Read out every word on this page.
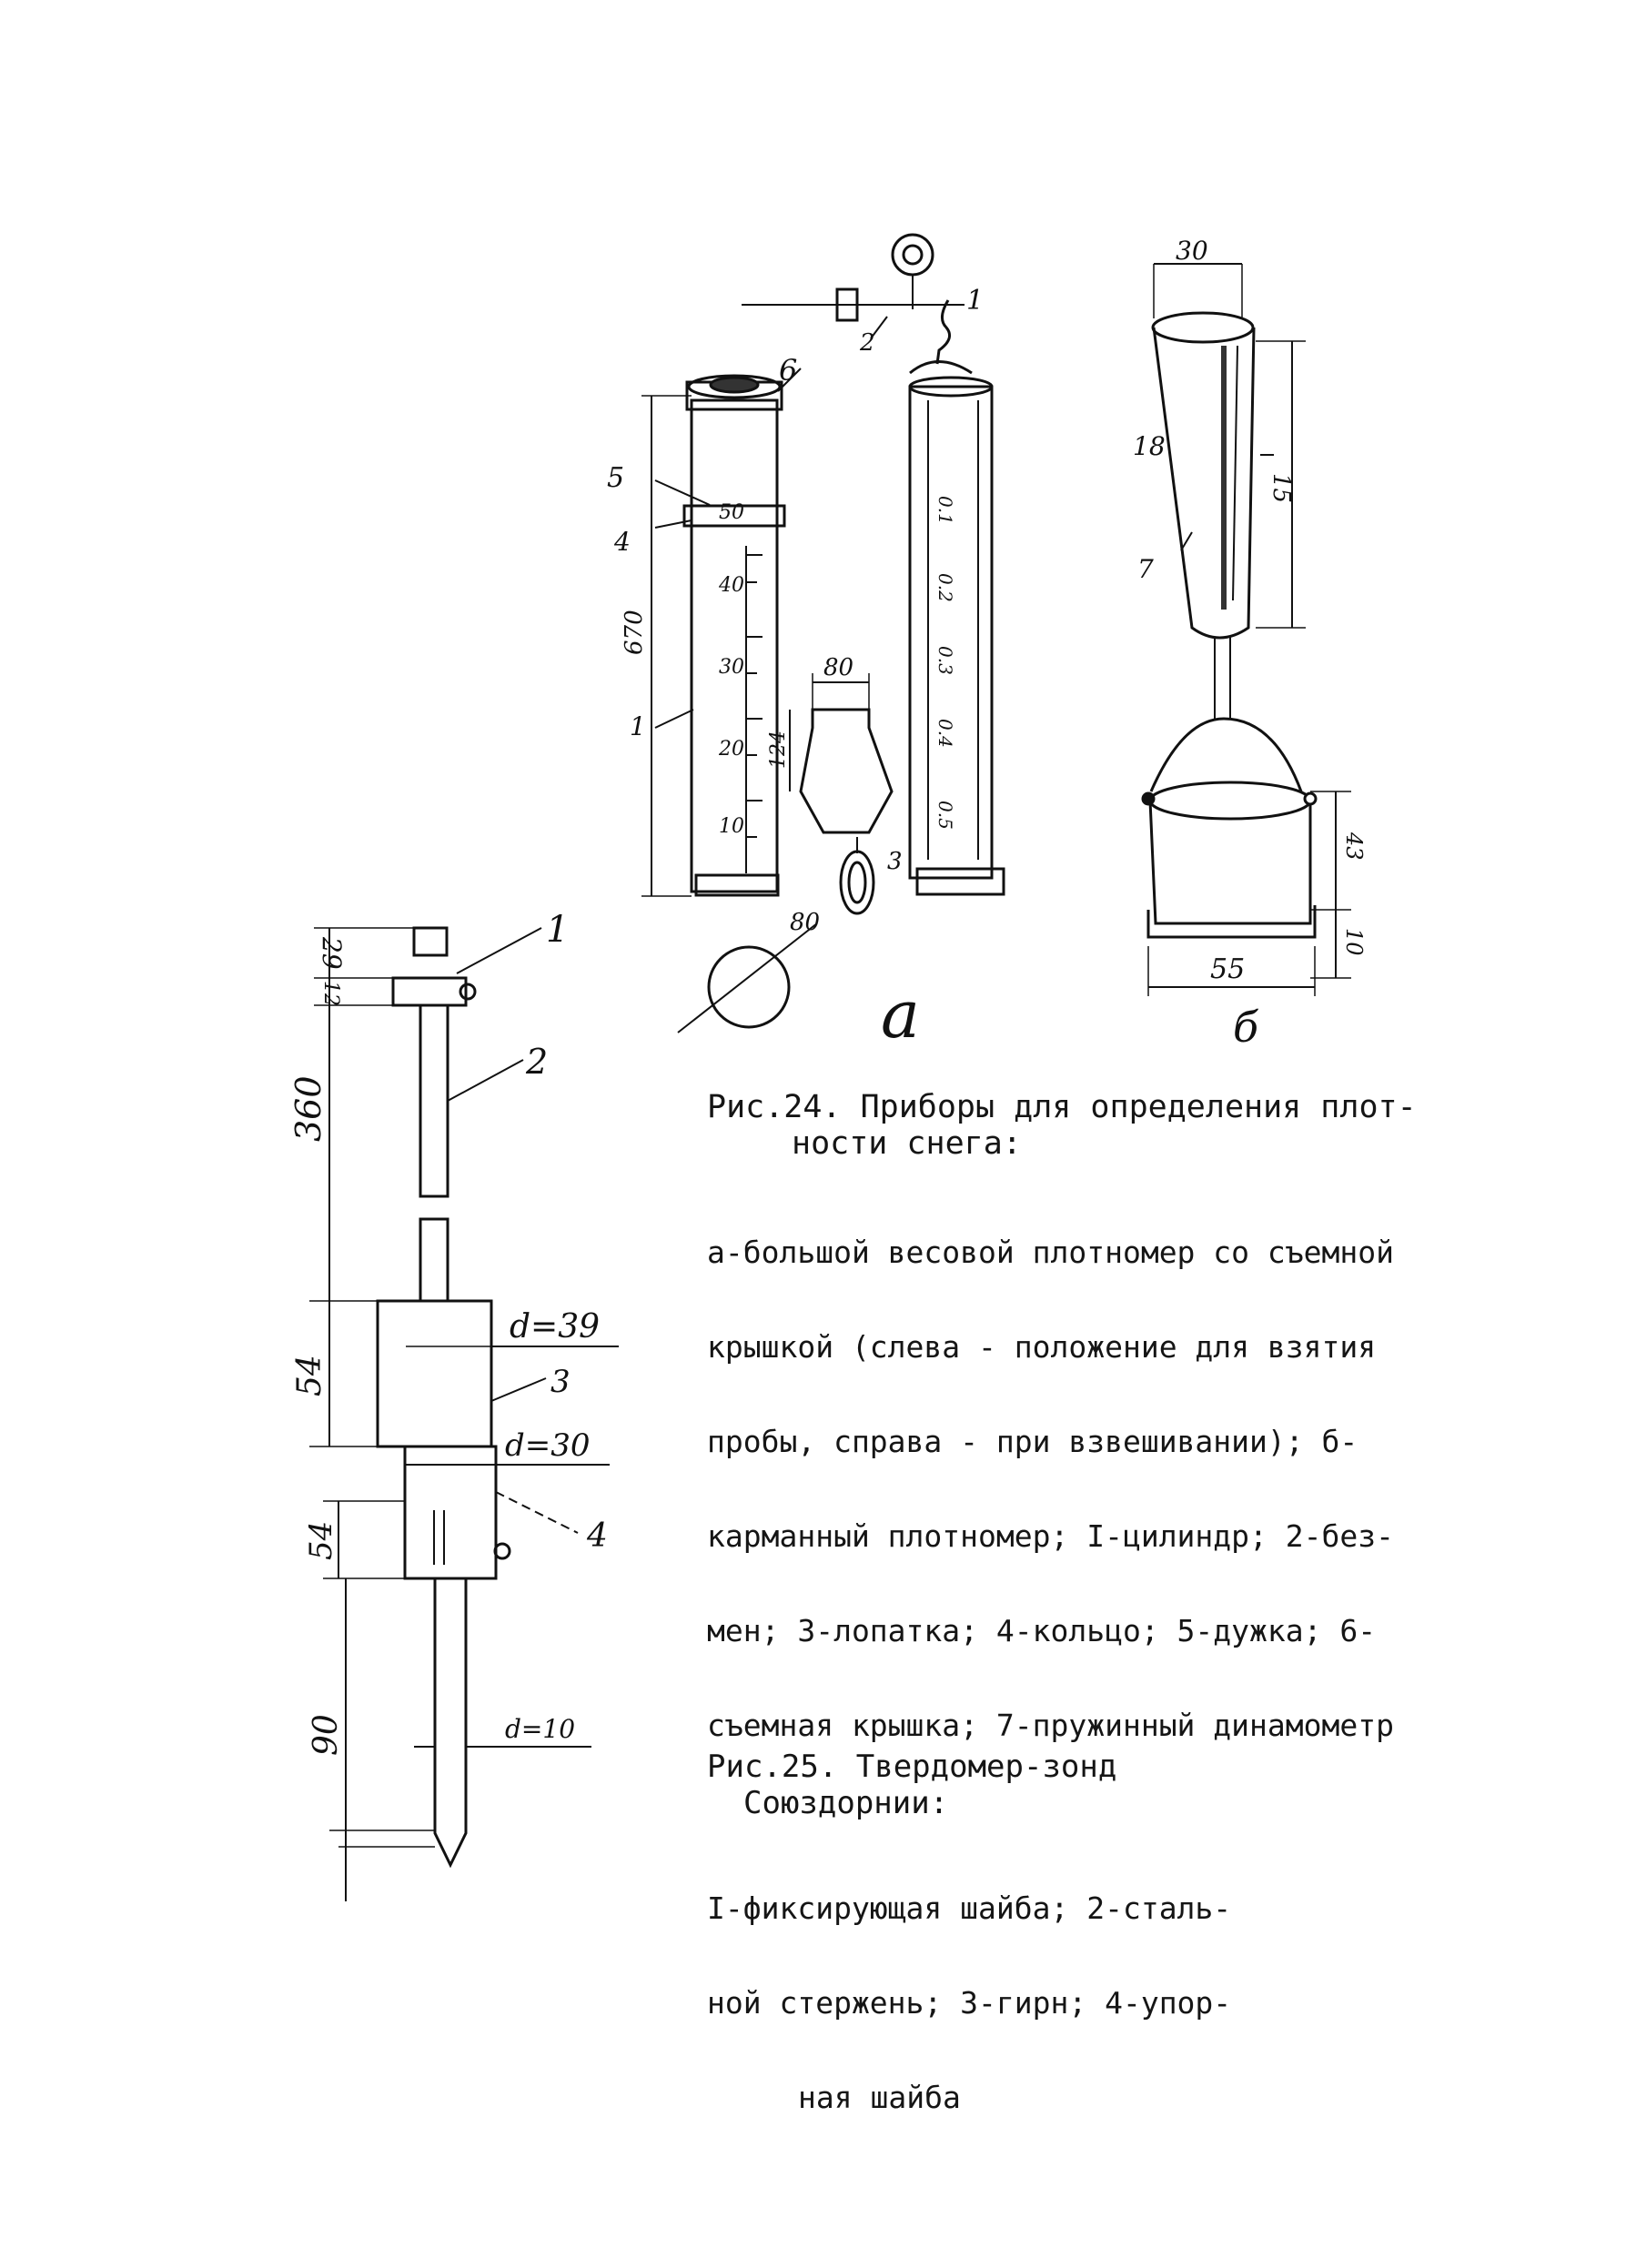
6
5
4
1
670
50
40
30
20
10
0.1
0.2
0.3
0.4
0.5
2
1
80
124
3
80
30
15
18
7
43
10
55
а	б
29
12
360
54
54
90
d=39
d=30
d=10
1
2
3
4
Рис.24. Приборы для определения плот-
ности снега:

а-большой весовой плотномер со съемной

крышкой (слева - положение для взятия

пробы, справа - при взвешивании); б-

карманный плотномер; I-цилиндр; 2-без-

мен; 3-лопатка; 4-кольцо; 5-дужка; 6-

съемная крышка; 7-пружинный динамометр

Рис.25. Твердомер-зонд
Союздорнии:

I-фиксирующая шайба; 2-сталь-

ной стержень; 3-гирн; 4-упор-

ная шайба
